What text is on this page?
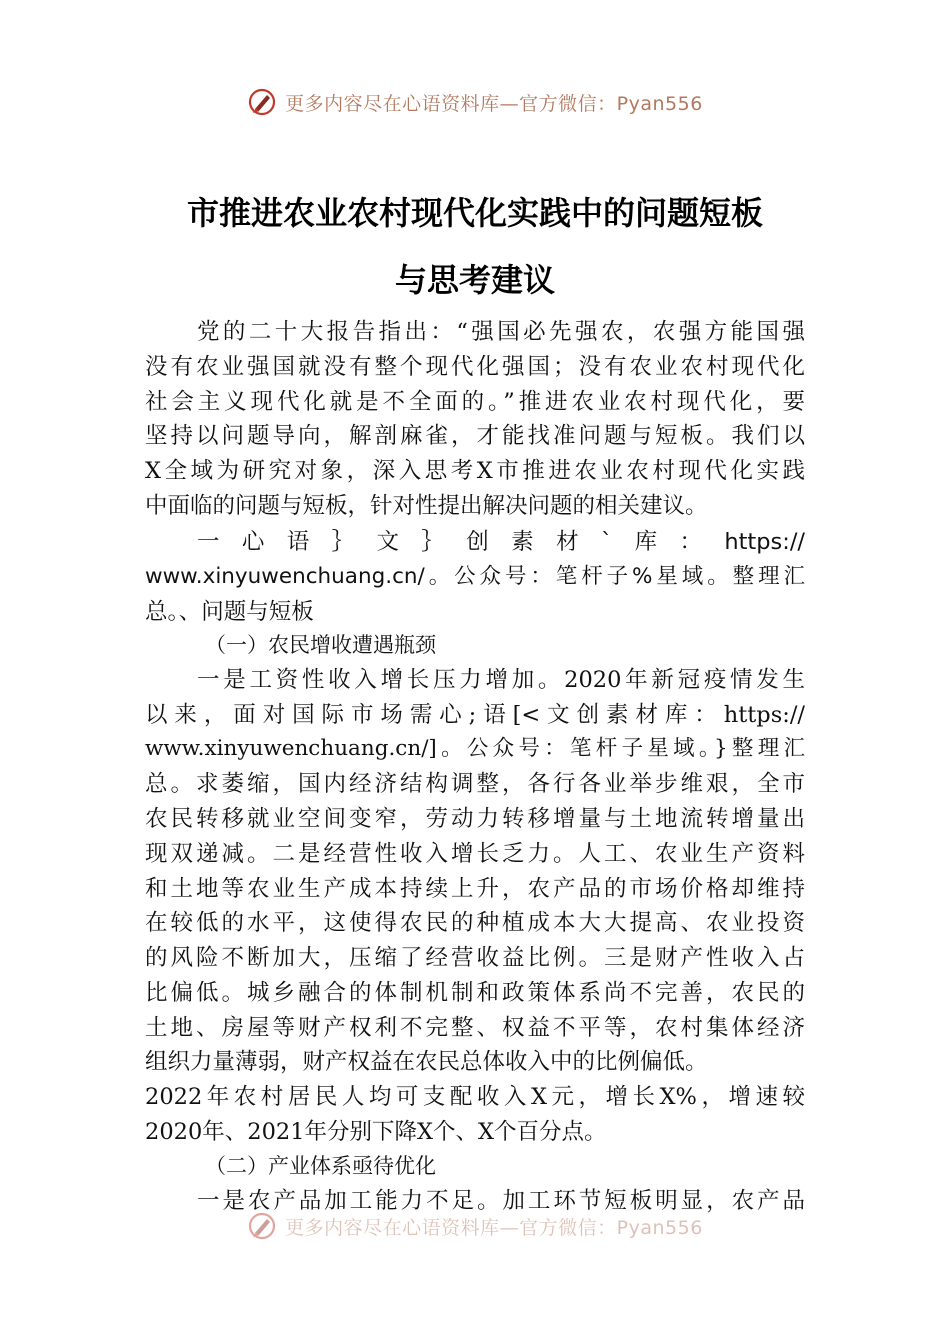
更多内容尽在心语资料库—官方微信：Pyan556
市推进农业农村现代化实践中的问题短板
与思考建议
党的二十大报告指出：“强国必先强农，农强方能国强
没有农业强国就没有整个现代化强国；没有农业农村现代化
社会主义现代化就是不全面的。”推进农业农村现代化，要
坚持以问题导向，解剖麻雀，才能找准问题与短板。我们以
X全域为研究对象，深入思考X市推进农业农村现代化实践
中面临的问题与短板，针对性提出解决问题的相关建议。
一心语｝文｝创素材`库：https://
www.xinyuwenchuang.cn/。公众号：笔杆子%星域。整理汇
总。、问题与短板
（一）农民增收遭遇瓶颈
一是工资性收入增长压力增加。2020年新冠疫情发生
以来，面对国际市场需心;语[<文创素材库：https://
www.xinyuwenchuang.cn/]。公众号：笔杆子星域。}整理汇
总。求萎缩，国内经济结构调整，各行各业举步维艰，全市
农民转移就业空间变窄，劳动力转移增量与土地流转增量出
现双递减。二是经营性收入增长乏力。人工、农业生产资料
和土地等农业生产成本持续上升，农产品的市场价格却维持
在较低的水平，这使得农民的种植成本大大提高、农业投资
的风险不断加大，压缩了经营收益比例。三是财产性收入占
比偏低。城乡融合的体制机制和政策体系尚不完善，农民的
土地、房屋等财产权利不完整、权益不平等，农村集体经济
组织力量薄弱，财产权益在农民总体收入中的比例偏低。
2022年农村居民人均可支配收入X元，增长X%，增速较
2020年、2021年分别下降X个、X个百分点。
（二）产业体系亟待优化
一是农产品加工能力不足。加工环节短板明显，农产品
更多内容尽在心语资料库—官方微信：Pyan556
